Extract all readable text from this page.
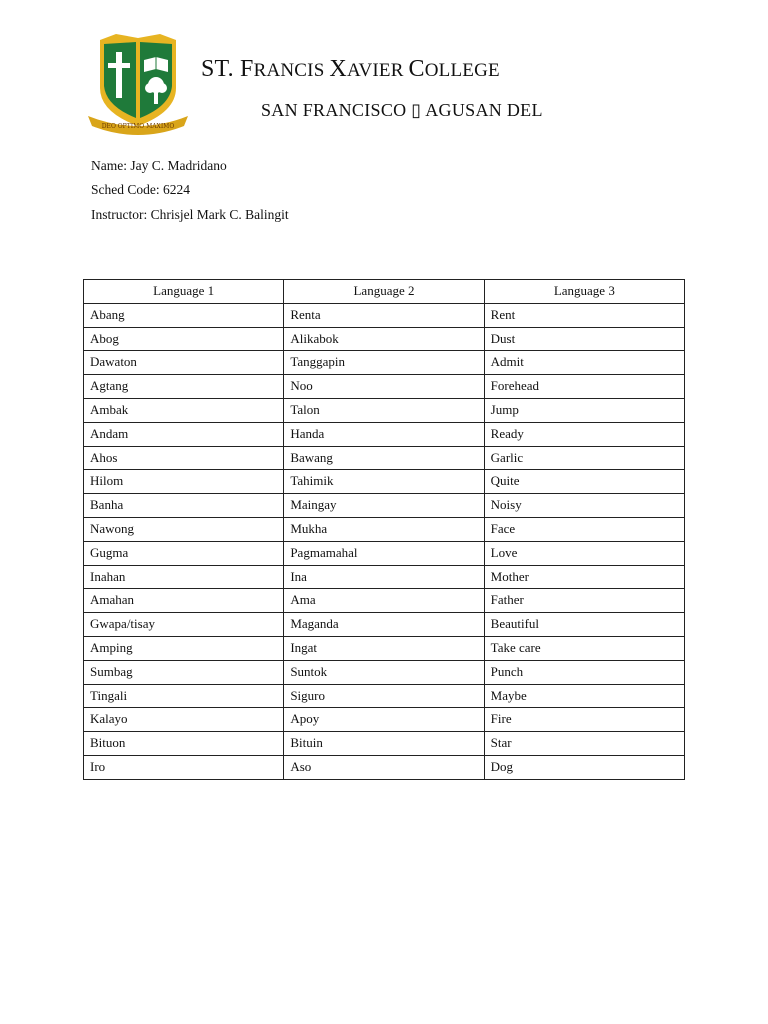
DEO OPTIMO MAXIMO
ST. FRANCIS XAVIER COLLEGE
SAN FRANCISCO ▯ AGUSAN DEL
Name: Jay C. Madridano
Sched Code: 6224
Instructor: Chrisjel Mark C. Balingit
Language 1	Language 2	Language 3
Abang	Renta	Rent
Abog	Alikabok	Dust
Dawaton	Tanggapin	Admit
Agtang	Noo	Forehead
Ambak	Talon	Jump
Andam	Handa	Ready
Ahos	Bawang	Garlic
Hilom	Tahimik	Quite
Banha	Maingay	Noisy
Nawong	Mukha	Face
Gugma	Pagmamahal	Love
Inahan	Ina	Mother
Amahan	Ama	Father
Gwapa/tisay	Maganda	Beautiful
Amping	Ingat	Take care
Sumbag	Suntok	Punch
Tingali	Siguro	Maybe
Kalayo	Apoy	Fire
Bituon	Bituin	Star
Iro	Aso	Dog
